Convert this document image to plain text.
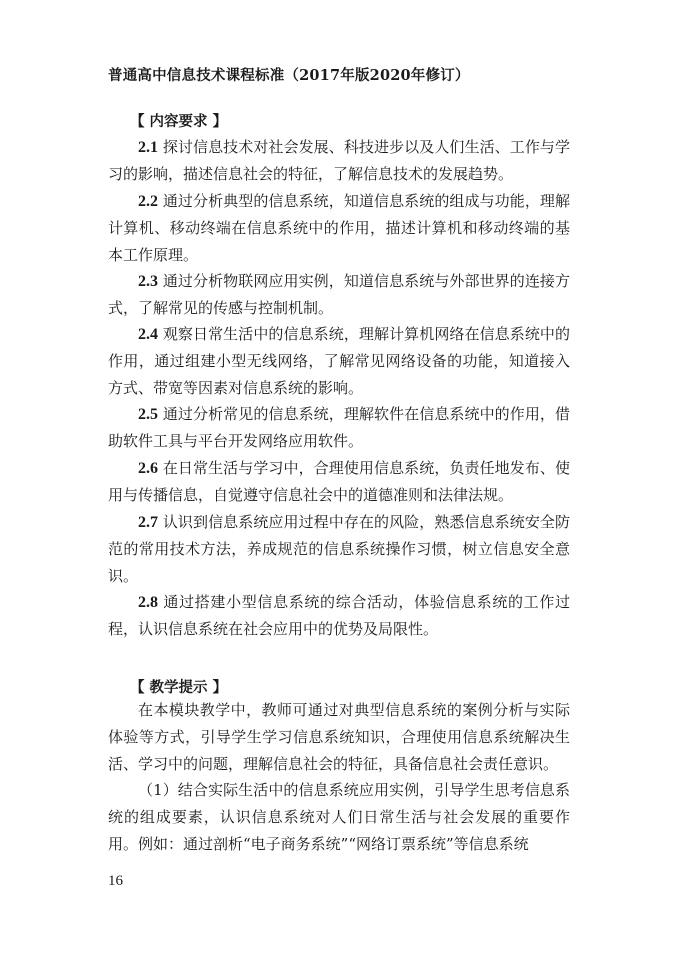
普通高中信息技术课程标准（2017年版2020年修订）
【 内容要求 】
2.1 探讨信息技术对社会发展、科技进步以及人们生活、工作与学习的影响，描述信息社会的特征，了解信息技术的发展趋势。
2.2 通过分析典型的信息系统，知道信息系统的组成与功能，理解计算机、移动终端在信息系统中的作用，描述计算机和移动终端的基本工作原理。
2.3 通过分析物联网应用实例，知道信息系统与外部世界的连接方式，了解常见的传感与控制机制。
2.4 观察日常生活中的信息系统，理解计算机网络在信息系统中的作用，通过组建小型无线网络，了解常见网络设备的功能，知道接入方式、带宽等因素对信息系统的影响。
2.5 通过分析常见的信息系统，理解软件在信息系统中的作用，借助软件工具与平台开发网络应用软件。
2.6 在日常生活与学习中，合理使用信息系统，负责任地发布、使用与传播信息，自觉遵守信息社会中的道德准则和法律法规。
2.7 认识到信息系统应用过程中存在的风险，熟悉信息系统安全防范的常用技术方法，养成规范的信息系统操作习惯，树立信息安全意识。
2.8 通过搭建小型信息系统的综合活动，体验信息系统的工作过程，认识信息系统在社会应用中的优势及局限性。
【 教学提示 】
在本模块教学中，教师可通过对典型信息系统的案例分析与实际体验等方式，引导学生学习信息系统知识，合理使用信息系统解决生活、学习中的问题，理解信息社会的特征，具备信息社会责任意识。
（1）结合实际生活中的信息系统应用实例，引导学生思考信息系统的组成要素，认识信息系统对人们日常生活与社会发展的重要作用。 例如：通过剖析“电子商务系统”“网络订票系统”等信息系统
16
